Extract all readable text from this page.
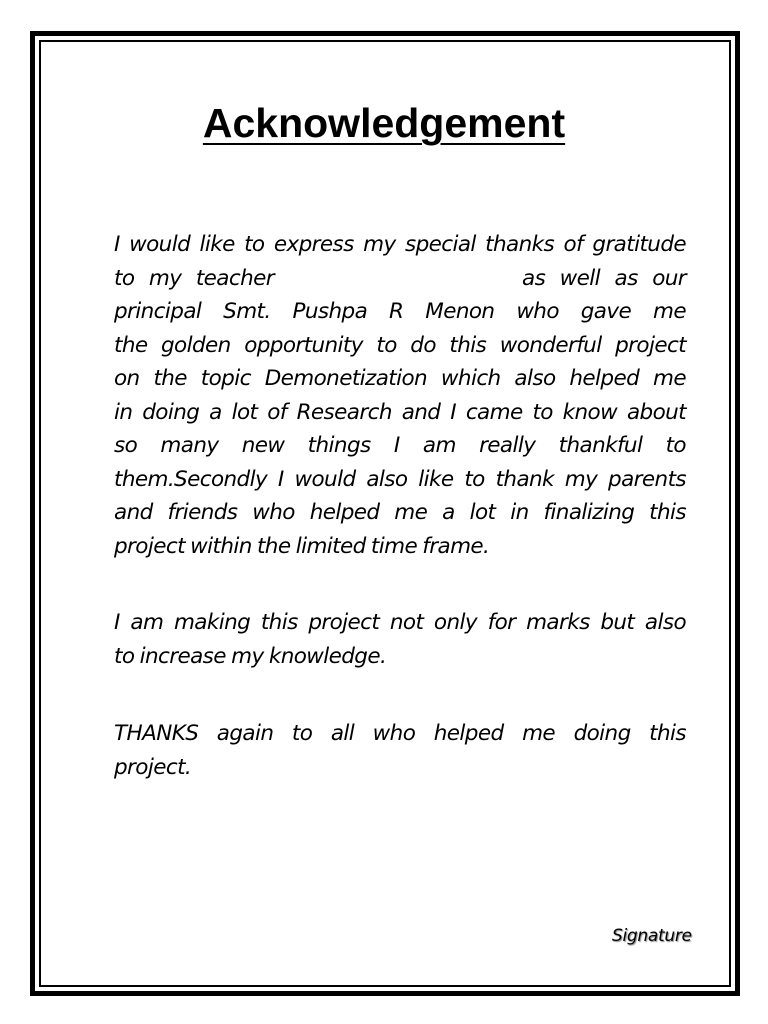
Acknowledgement
I would like to express my special thanks of gratitude
to my teacher	as well as our
principal Smt. Pushpa R Menon who gave me
the golden opportunity to do this wonderful project
on the topic Demonetization which also helped me
in doing a lot of Research and I came to know about
so many new things I am really thankful to
them.Secondly I would also like to thank my parents
and friends who helped me a lot in finalizing this
project within the limited time frame.
I am making this project not only for marks but also
to increase my knowledge.
THANKS again to all who helped me doing this
project.
Signature
